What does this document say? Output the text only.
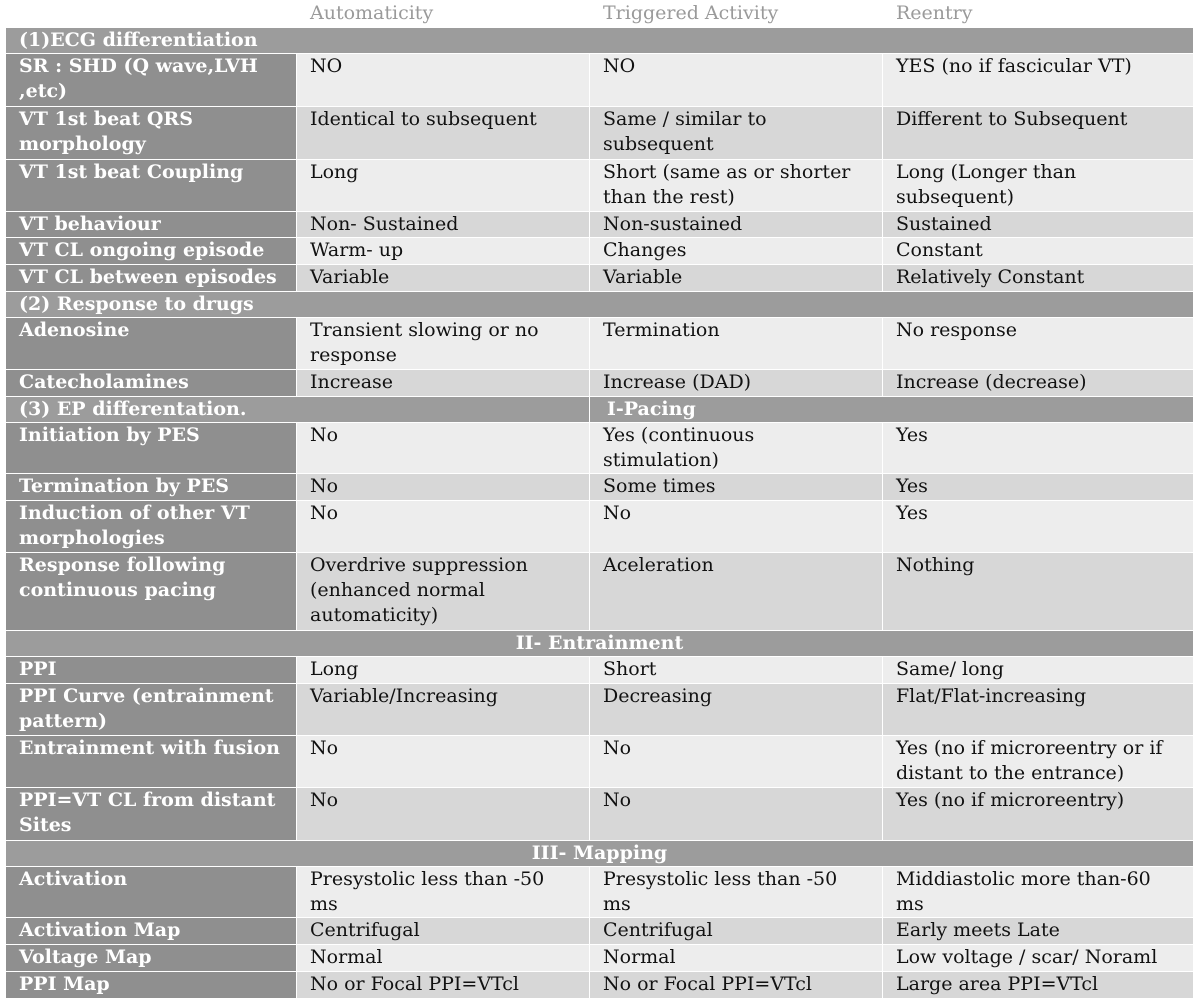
	Automaticity	Triggered Activity	Reentry
(1)ECG differentiation			
SR : SHD (Q wave,LVH ,etc)	NO	NO	YES (no if fascicular VT)
VT 1st beat QRS morphology	Identical to subsequent	Same / similar to subsequent	Different to Subsequent
VT 1st beat Coupling	Long	Short (same as or shorter than the rest)	Long (Longer than subsequent)
VT behaviour	Non- Sustained	Non-sustained	Sustained
VT CL ongoing episode	Warm- up	Changes	Constant
VT CL between episodes	Variable	Variable	Relatively Constant
(2) Response to drugs			
Adenosine	Transient slowing or no response	Termination	No response
Catecholamines	Increase	Increase (DAD)	Increase (decrease)
(3) EP differentation.		I-Pacing	
Initiation by PES	No	Yes (continuous stimulation)	Yes
Termination by PES	No	Some times	Yes
Induction of other VT morphologies	No	No	Yes
Response following continuous pacing	Overdrive suppression (enhanced normal automaticity)	Aceleration	Nothing
II- Entrainment			
PPI	Long	Short	Same/ long
PPI Curve (entrainment pattern)	Variable/Increasing	Decreasing	Flat/Flat-increasing
Entrainment with fusion	No	No	Yes (no if microreentry or if distant to the entrance)
PPI=VT CL from distant Sites	No	No	Yes (no if microreentry)
III- Mapping			
Activation	Presystolic less than -50 ms	Presystolic less than -50 ms	Middiastolic more than-60 ms
Activation Map	Centrifugal	Centrifugal	Early meets Late
Voltage Map	Normal	Normal	Low voltage / scar/ Noraml
PPI Map	No or Focal PPI=VTcl	No or Focal PPI=VTcl	Large area PPI=VTcl
